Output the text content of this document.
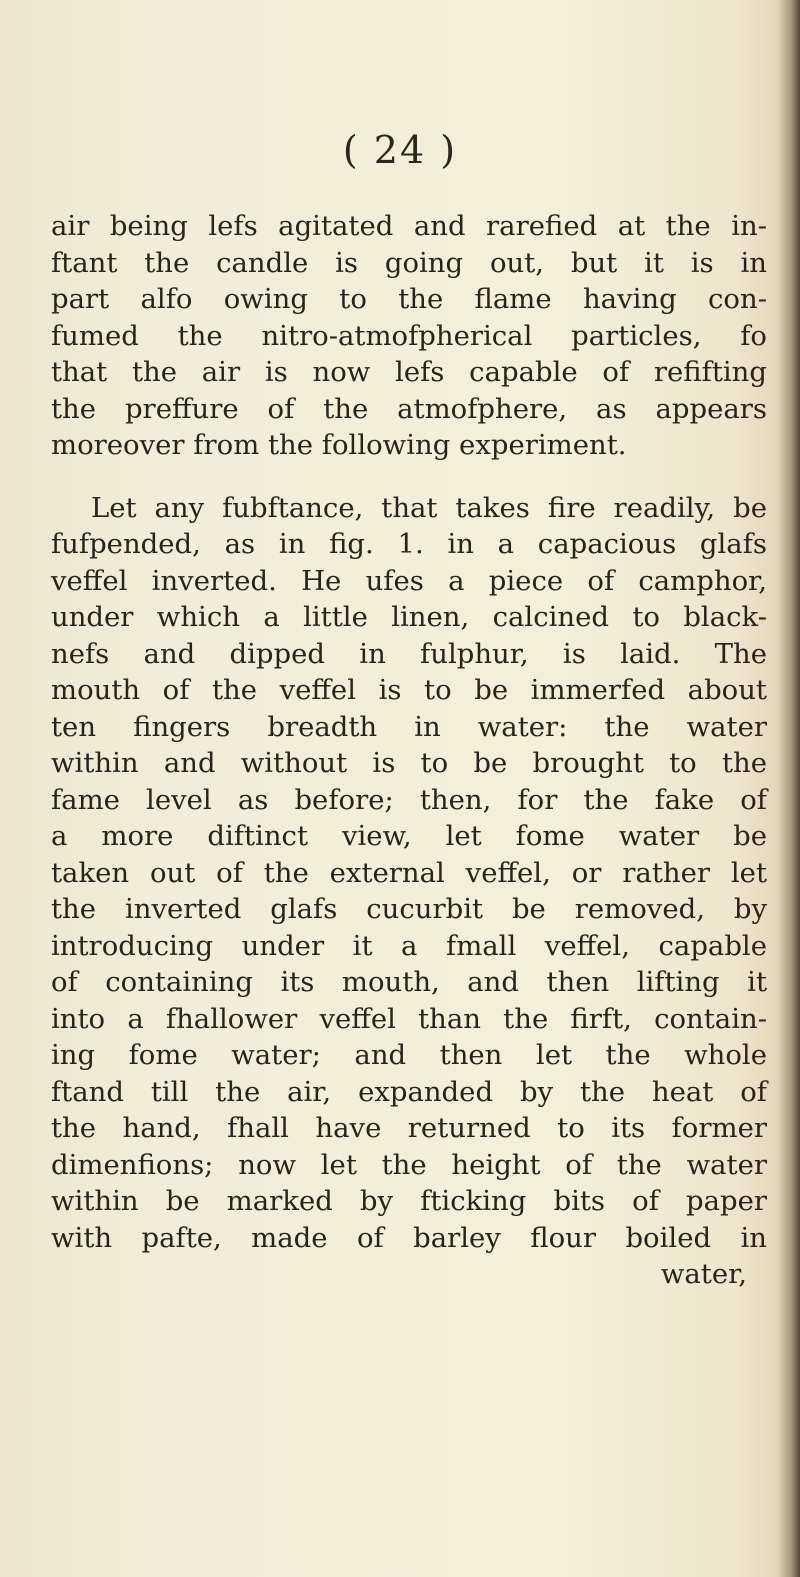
( 24 )
air being lefs agitated and rarefied at the in-
ftant the candle is going out, but it is in
part alfo owing to the flame having con-
fumed the nitro-atmofpherical particles, fo
that the air is now lefs capable of refifting
the preffure of the atmofphere, as appears
moreover from the following experiment.
Let any fubftance, that takes fire readily, be
fufpended, as in fig. 1. in a capacious glafs
veffel inverted. He ufes a piece of camphor,
under which a little linen, calcined to black-
nefs and dipped in fulphur, is laid. The
mouth of the veffel is to be immerfed about
ten fingers breadth in water: the water
within and without is to be brought to the
fame level as before; then, for the fake of
a more diftinct view, let fome water be
taken out of the external veffel, or rather let
the inverted glafs cucurbit be removed, by
introducing under it a fmall veffel, capable
of containing its mouth, and then lifting it
into a fhallower veffel than the firft, contain-
ing fome water; and then let the whole
ftand till the air, expanded by the heat of
the hand, fhall have returned to its former
dimenfions; now let the height of the water
within be marked by fticking bits of paper
with pafte, made of barley flour boiled in
water,
